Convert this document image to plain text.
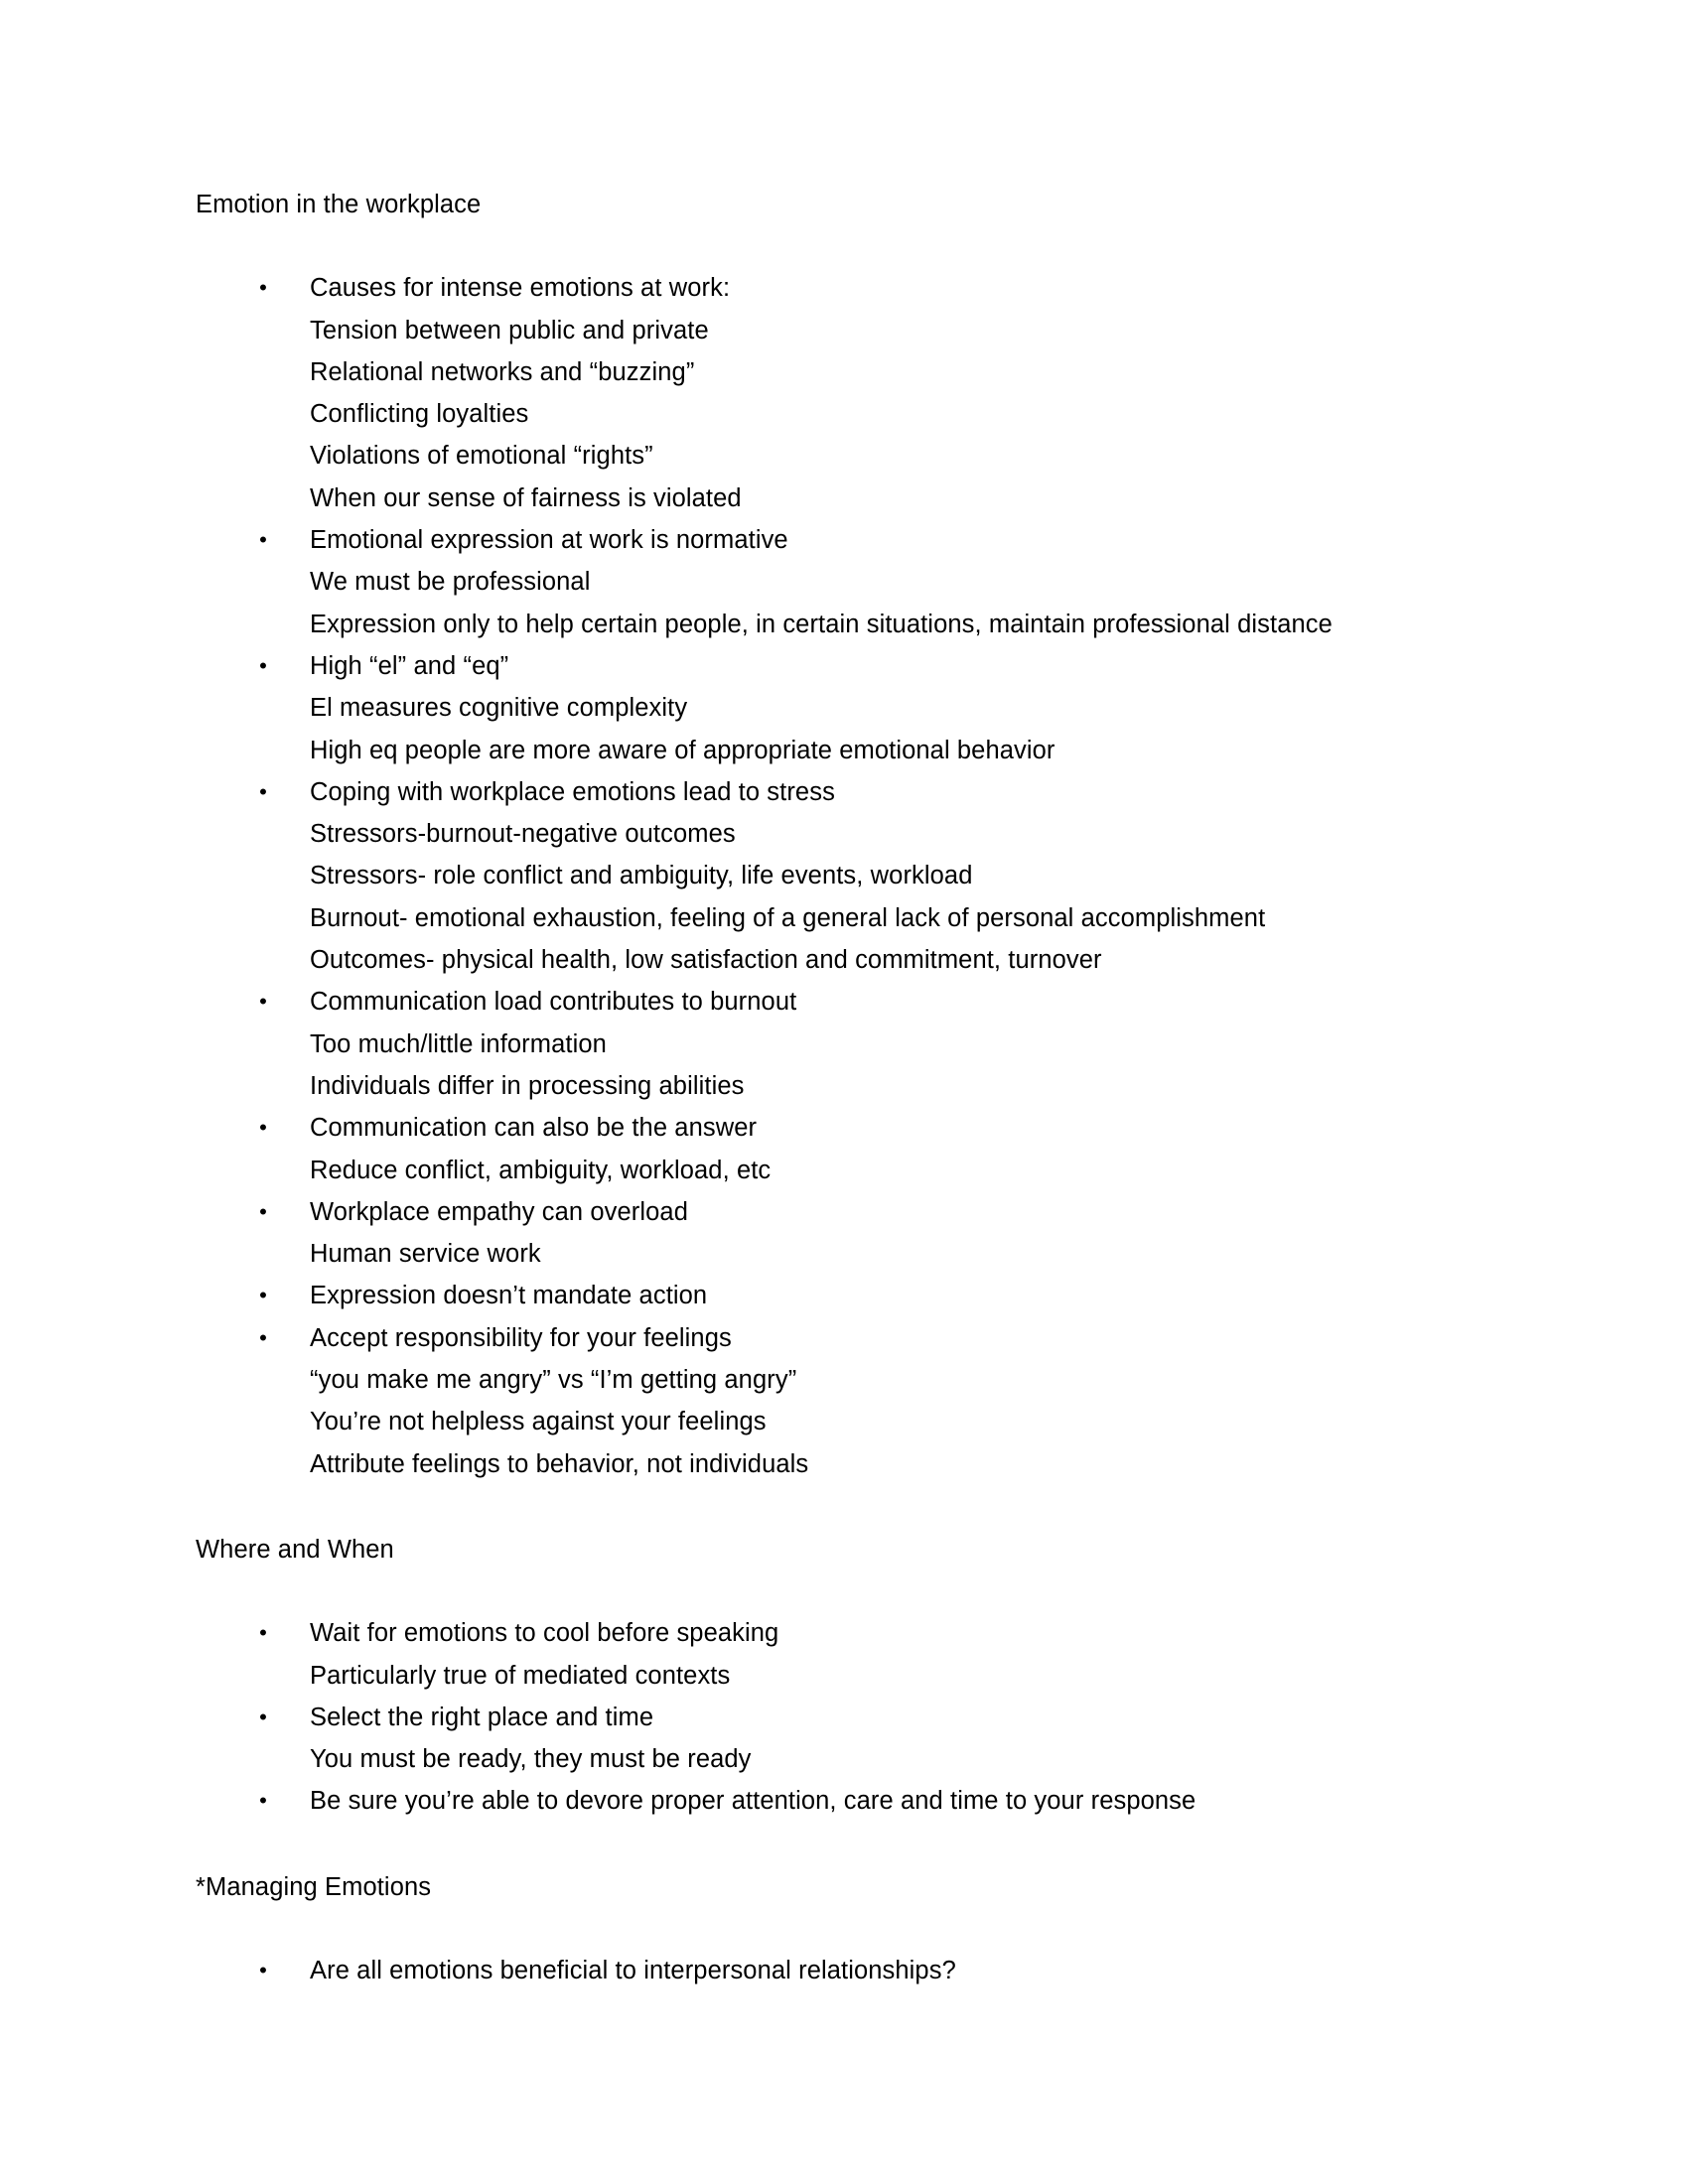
Emotion in the workplace

• Causes for intense emotions at work:

Tension between public and private

Relational networks and “buzzing”

Conflicting loyalties

Violations of emotional “rights”

When our sense of fairness is violated

• Emotional expression at work is normative

We must be professional

Expression only to help certain people, in certain situations, maintain professional distance

• High “el” and “eq”

El measures cognitive complexity

High eq people are more aware of appropriate emotional behavior

• Coping with workplace emotions lead to stress

Stressors-burnout-negative outcomes

Stressors- role conflict and ambiguity, life events, workload

Burnout- emotional exhaustion, feeling of a general lack of personal accomplishment

Outcomes- physical health, low satisfaction and commitment, turnover

• Communication load contributes to burnout

Too much/little information

Individuals differ in processing abilities

• Communication can also be the answer

Reduce conflict, ambiguity, workload, etc

• Workplace empathy can overload

Human service work

• Expression doesn’t mandate action

• Accept responsibility for your feelings

“you make me angry” vs “I’m getting angry”

You’re not helpless against your feelings

Attribute feelings to behavior, not individuals

Where and When

• Wait for emotions to cool before speaking

Particularly true of mediated contexts

• Select the right place and time

You must be ready, they must be ready

• Be sure you’re able to devore proper attention, care and time to your response

*Managing Emotions

• Are all emotions beneficial to interpersonal relationships?
